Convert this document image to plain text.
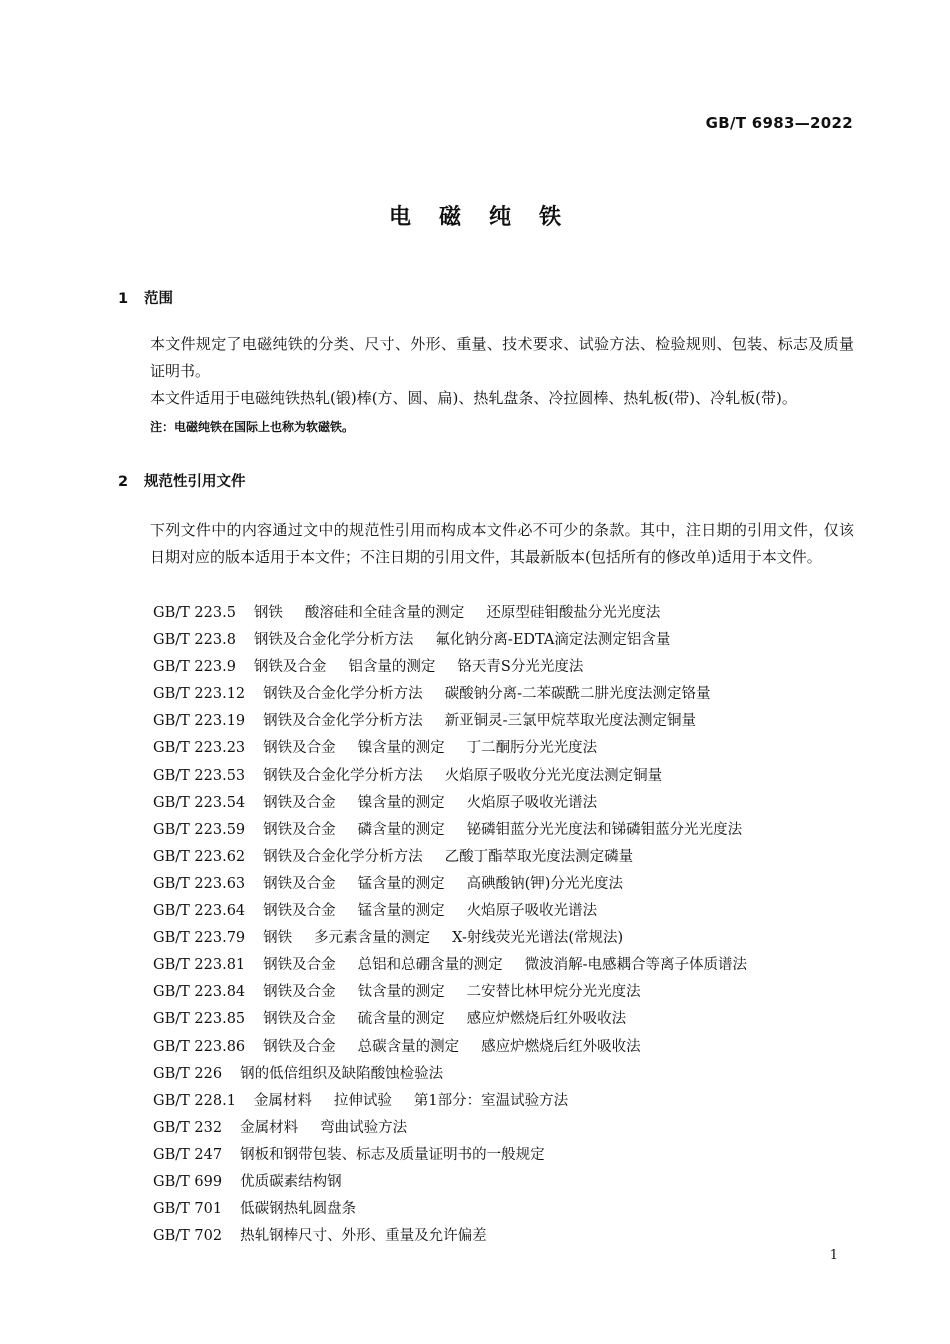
GB/T 6983—2022
电磁纯铁
1 范围
本文件规定了电磁纯铁的分类、尺寸、外形、重量、技术要求、试验方法、检验规则、包装、标志及质量证明书。
本文件适用于电磁纯铁热轧(锻)棒(方、圆、扁)、热轧盘条、冷拉圆棒、热轧板(带)、冷轧板(带)。
注：电磁纯铁在国际上也称为软磁铁。
2 规范性引用文件
下列文件中的内容通过文中的规范性引用而构成本文件必不可少的条款。其中，注日期的引用文件，仅该日期对应的版本适用于本文件；不注日期的引用文件，其最新版本(包括所有的修改单)适用于本文件。
GB/T 223.5 钢铁 酸溶硅和全硅含量的测定 还原型硅钼酸盐分光光度法
GB/T 223.8 钢铁及合金化学分析方法 氟化钠分离-EDTA滴定法测定铝含量
GB/T 223.9 钢铁及合金 铝含量的测定 铬天青S分光光度法
GB/T 223.12 钢铁及合金化学分析方法 碳酸钠分离-二苯碳酰二肼光度法测定铬量
GB/T 223.19 钢铁及合金化学分析方法 新亚铜灵-三氯甲烷萃取光度法测定铜量
GB/T 223.23 钢铁及合金 镍含量的测定 丁二酮肟分光光度法
GB/T 223.53 钢铁及合金化学分析方法 火焰原子吸收分光光度法测定铜量
GB/T 223.54 钢铁及合金 镍含量的测定 火焰原子吸收光谱法
GB/T 223.59 钢铁及合金 磷含量的测定 铋磷钼蓝分光光度法和锑磷钼蓝分光光度法
GB/T 223.62 钢铁及合金化学分析方法 乙酸丁酯萃取光度法测定磷量
GB/T 223.63 钢铁及合金 锰含量的测定 高碘酸钠(钾)分光光度法
GB/T 223.64 钢铁及合金 锰含量的测定 火焰原子吸收光谱法
GB/T 223.79 钢铁 多元素含量的测定 X-射线荧光光谱法(常规法)
GB/T 223.81 钢铁及合金 总铝和总硼含量的测定 微波消解-电感耦合等离子体质谱法
GB/T 223.84 钢铁及合金 钛含量的测定 二安替比林甲烷分光光度法
GB/T 223.85 钢铁及合金 硫含量的测定 感应炉燃烧后红外吸收法
GB/T 223.86 钢铁及合金 总碳含量的测定 感应炉燃烧后红外吸收法
GB/T 226 钢的低倍组织及缺陷酸蚀检验法
GB/T 228.1 金属材料 拉伸试验 第1部分：室温试验方法
GB/T 232 金属材料 弯曲试验方法
GB/T 247 钢板和钢带包装、标志及质量证明书的一般规定
GB/T 699 优质碳素结构钢
GB/T 701 低碳钢热轧圆盘条
GB/T 702 热轧钢棒尺寸、外形、重量及允许偏差
1
